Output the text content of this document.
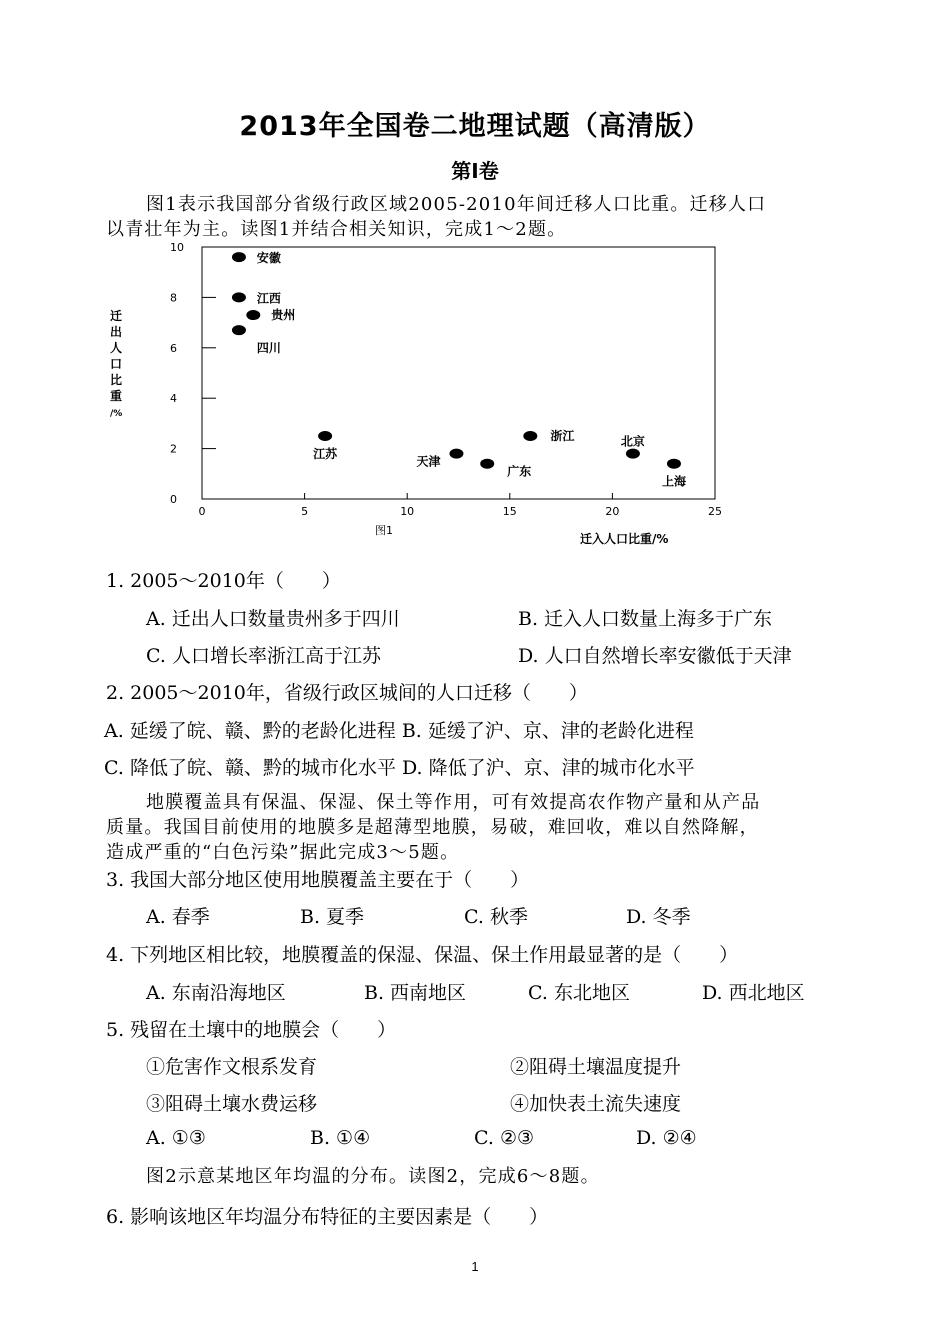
2013年全国卷二地理试题（高清版）
第Ⅰ卷
图1表示我国部分省级行政区域2005-2010年间迁移人口比重。迁移人口
以青壮年为主。读图1并结合相关知识，完成1～2题。
0
2
4
6
8
10
0	5	10	15	20	25
安徽
江西
贵州
四川
江苏
天津
广东
浙江	北京
上海
迁
出
人
口
比
重
/%
图1
迁入人口比重/%
1. 2005～2010年（　　）
A. 迁出人口数量贵州多于四川	B. 迁入人口数量上海多于广东
C. 人口增长率浙江高于江苏	D. 人口自然增长率安徽低于天津
2. 2005～2010年，省级行政区城间的人口迁移（　　）
A. 延缓了皖、赣、黔的老龄化进程 B. 延缓了沪、京、津的老龄化进程
C. 降低了皖、赣、黔的城市化水平 D. 降低了沪、京、津的城市化水平
地膜覆盖具有保温、保湿、保土等作用，可有效提高农作物产量和从产品
质量。我国目前使用的地膜多是超薄型地膜，易破，难回收，难以自然降解，
造成严重的“白色污染”据此完成3～5题。
3. 我国大部分地区使用地膜覆盖主要在于（　　）
A. 春季	B. 夏季	C. 秋季	D. 冬季
4. 下列地区相比较，地膜覆盖的保湿、保温、保土作用最显著的是（　　）
A. 东南沿海地区	B. 西南地区	C. 东北地区	D. 西北地区
5. 残留在土壤中的地膜会（　　）
①危害作文根系发育	②阻碍土壤温度提升
③阻碍土壤水费运移	④加快表土流失速度
A. ①③	B. ①④	C. ②③	D. ②④
图2示意某地区年均温的分布。读图2，完成6～8题。
6. 影响该地区年均温分布特征的主要因素是（　　）
1
